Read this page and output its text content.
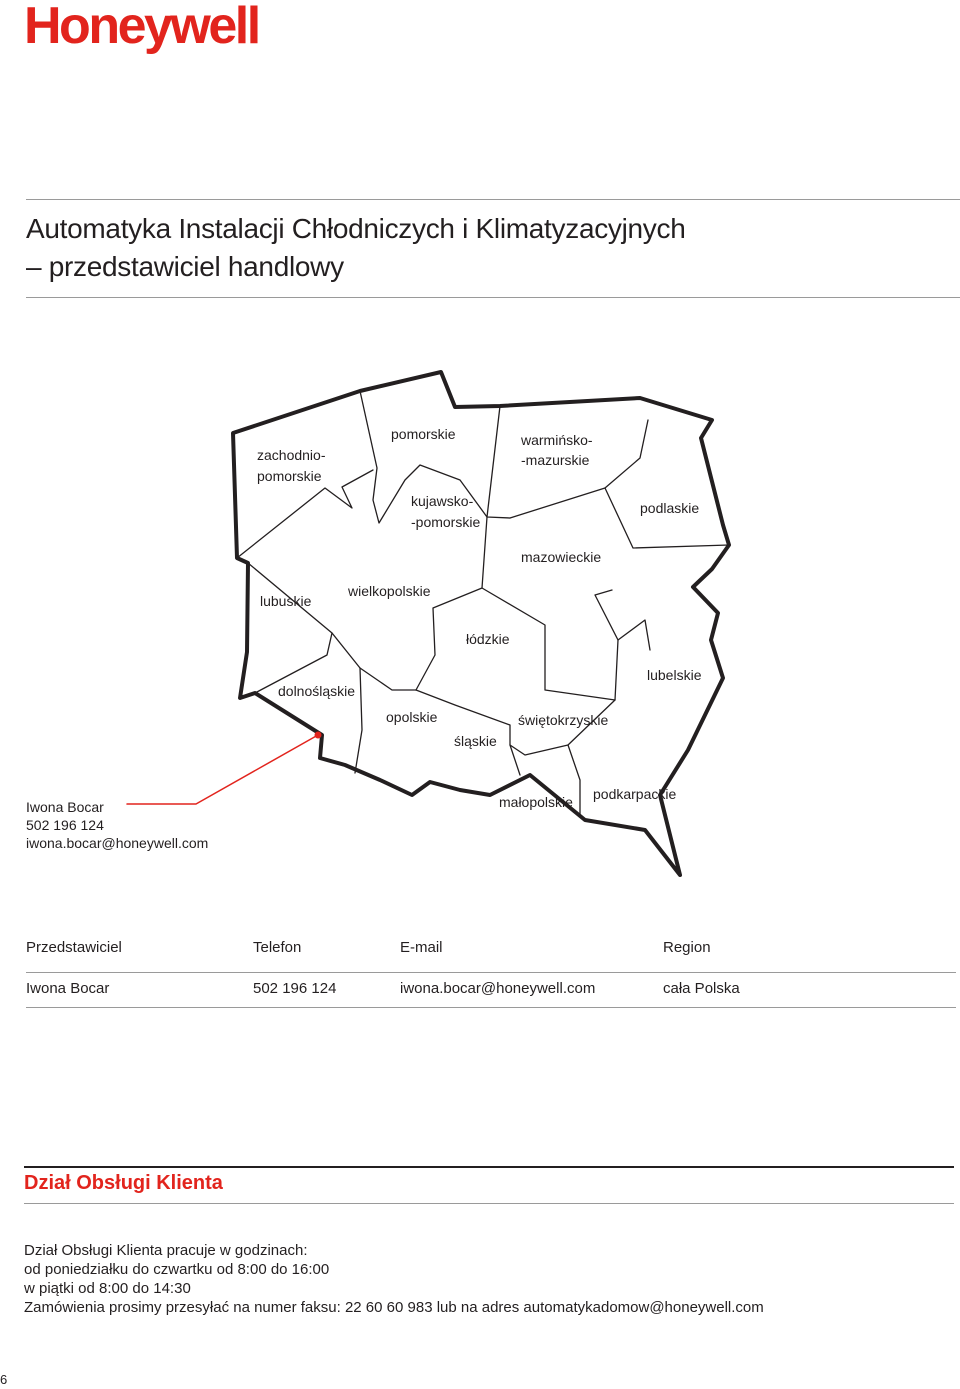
Honeywell
Automatyka Instalacji Chłodniczych i Klimatyzacyjnych
– przedstawiciel handlowy
zachodnio-
pomorskie
pomorskie	warmińsko-
-mazurskie
kujawsko-
-pomorskie
podlaskie
mazowieckie
lubuskie
wielkopolskie
łódzkie
lubelskie
dolnośląskie
opolskie	świętokrzyskie
śląskie
małopolskie podkarpackie
Iwona Bocar
502 196 124
iwona.bocar@honeywell.com
Przedstawiciel	Telefon	E-mail	Region
Iwona Bocar	502 196 124	iwona.bocar@honeywell.com	cała Polska
Dział Obsługi Klienta
Dział Obsługi Klienta pracuje w godzinach:
od poniedziałku do czwartku od 8:00 do 16:00
w piątki od 8:00 do 14:30
Zamówienia prosimy przesyłać na numer faksu: 22 60 60 983 lub na adres automatykadomow@honeywell.com
6
